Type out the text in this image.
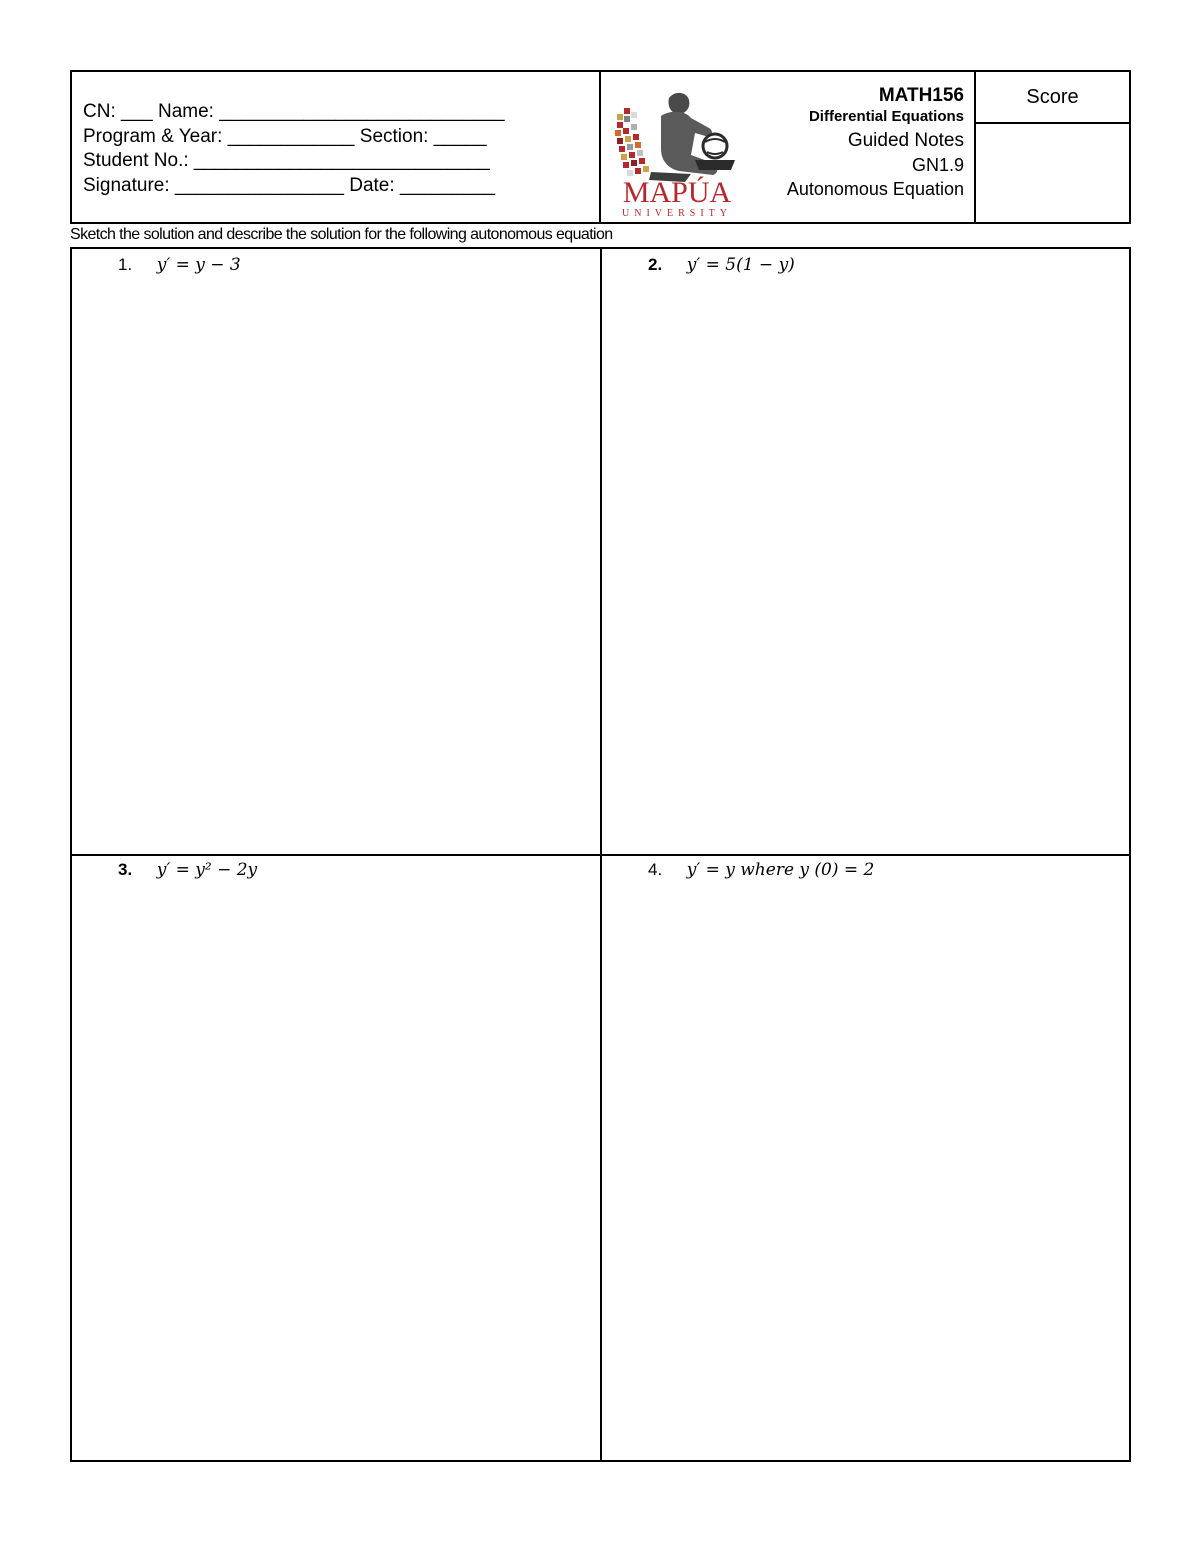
CN: ___ Name: ___________________________
Program & Year: ____________ Section: _____
Student No.: ____________________________
Signature: ________________ Date: _________	MAPÚA
UNIVERSITY
MATH156
Differential Equations
Guided Notes
GN1.9
Autonomous Equation
Score
Sketch the solution and describe the solution for the following autonomous equation
1. y′ = y − 3	2. y′ = 5(1 − y)
3. y′ = y² − 2y	4. y′ = y where y (0) = 2
